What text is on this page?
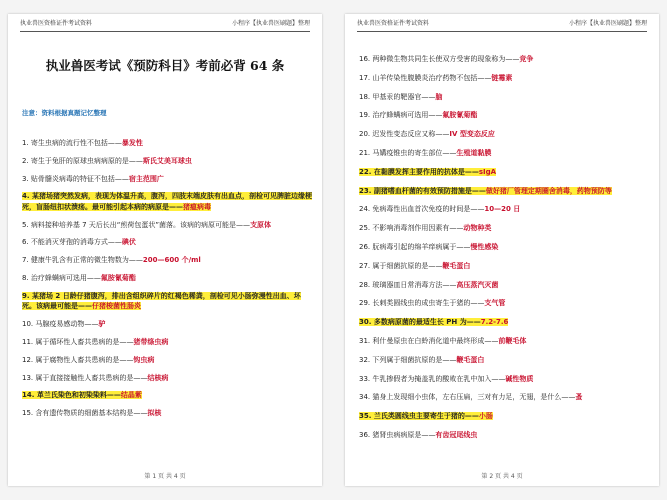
执业兽医资格证件考试资料	小程序【执业兽医刷题】整理
执业兽医考试《预防科目》考前必背 64 条
注意：资料根据真题记忆整理
1. 寄生虫病的流行性不包括——暴发性
2. 寄生于兔肝的原球虫病病原的是——斯氏艾美耳球虫
3. 贴骨髓炎病毒的特征不包括——宿主范围广
4. 某猪场猪突然发病，表现为体温升高，腹泻，四肢末端皮肤有出血点，剖检可见脾脏边缘梗死，盲肠纽扣状溃疡。最可能引起本病的病原是——猪瘟病毒
5. 病料接种培养基 7 天后长出“煎荷包蛋状”菌落。该病的病原可能是——支原体
6. 不能消灭芽孢的消毒方式——碘伏
7. 健康牛乳含有正常的微生物数为——200—600 个/ml
8. 治疗蜂螨病可选用——氟胺氰菊酯
9. 某猪场 2 日龄仔猪腹泻，排出含组织碎片的红褐色稀粪，剖检可见小肠弥漫性出血、坏死。该病最可能是——仔猪梭菌性肠炎
10. 马腺疫易感动物——驴
11. 属于循环性人畜共患病的是——猪带绦虫病
12. 属于腐物性人畜共患病的是——钩虫病
13. 属于直接接触性人畜共患病的是——结核病
14. 革兰氏染色和初染染料——结晶紫
15. 含有遗传物质的细菌基本结构是——拟核
第 1 页 共 4 页
执业兽医资格证件考试资料	小程序【执业兽医刷题】整理
16. 两种微生物共同生长使双方受害的现象称为——竞争
17. 山羊传染性腹膜炎治疗药物不包括——链霉素
18. 甲基汞的靶器官——脑
19. 治疗蜂螨病可选用——氟胺氰菊酯
20. 迟发性变态反应又称——IV 型变态反应
21. 马媾疫锥虫的寄生部位——生殖道黏膜
22. 在黏膜发挥主要作用的抗体是——sIgA
23. 副猪嗜血杆菌的有效预防措施是——做好猪厂管理定期圈舍消毒，药物预防等
24. 免病毒性出血首次免疫的时间是——10—20 日
25. 不影响消毒剂作用因素有——动物种类
26. 朊病毒引起的绵羊痒病属于——慢性感染
27. 属于细菌抗原的是——鞭毛蛋白
28. 玻璃器皿日常消毒方法——高压蒸汽灭菌
29. 长刺类圆线虫的成虫寄生于猪的——支气管
30. 多数病原菌的最适生长 PH 为——7.2-7.6
31. 利什曼原虫在白蛉消化道中最终形成——前鞭毛体
32. 下列属于细菌抗原的是——鞭毛蛋白
33. 牛乳掺假者为掩盖乳的酸败在乳中加入——碱性物质
34. 猫身上发现细小虫体，左右压扁，三对有力足，无翅，是什么——蚤
35. 兰氏类圆线虫主要寄生于猪的——小肠
36. 猪肾虫病病原是——有齿冠尾线虫
第 2 页 共 4 页
